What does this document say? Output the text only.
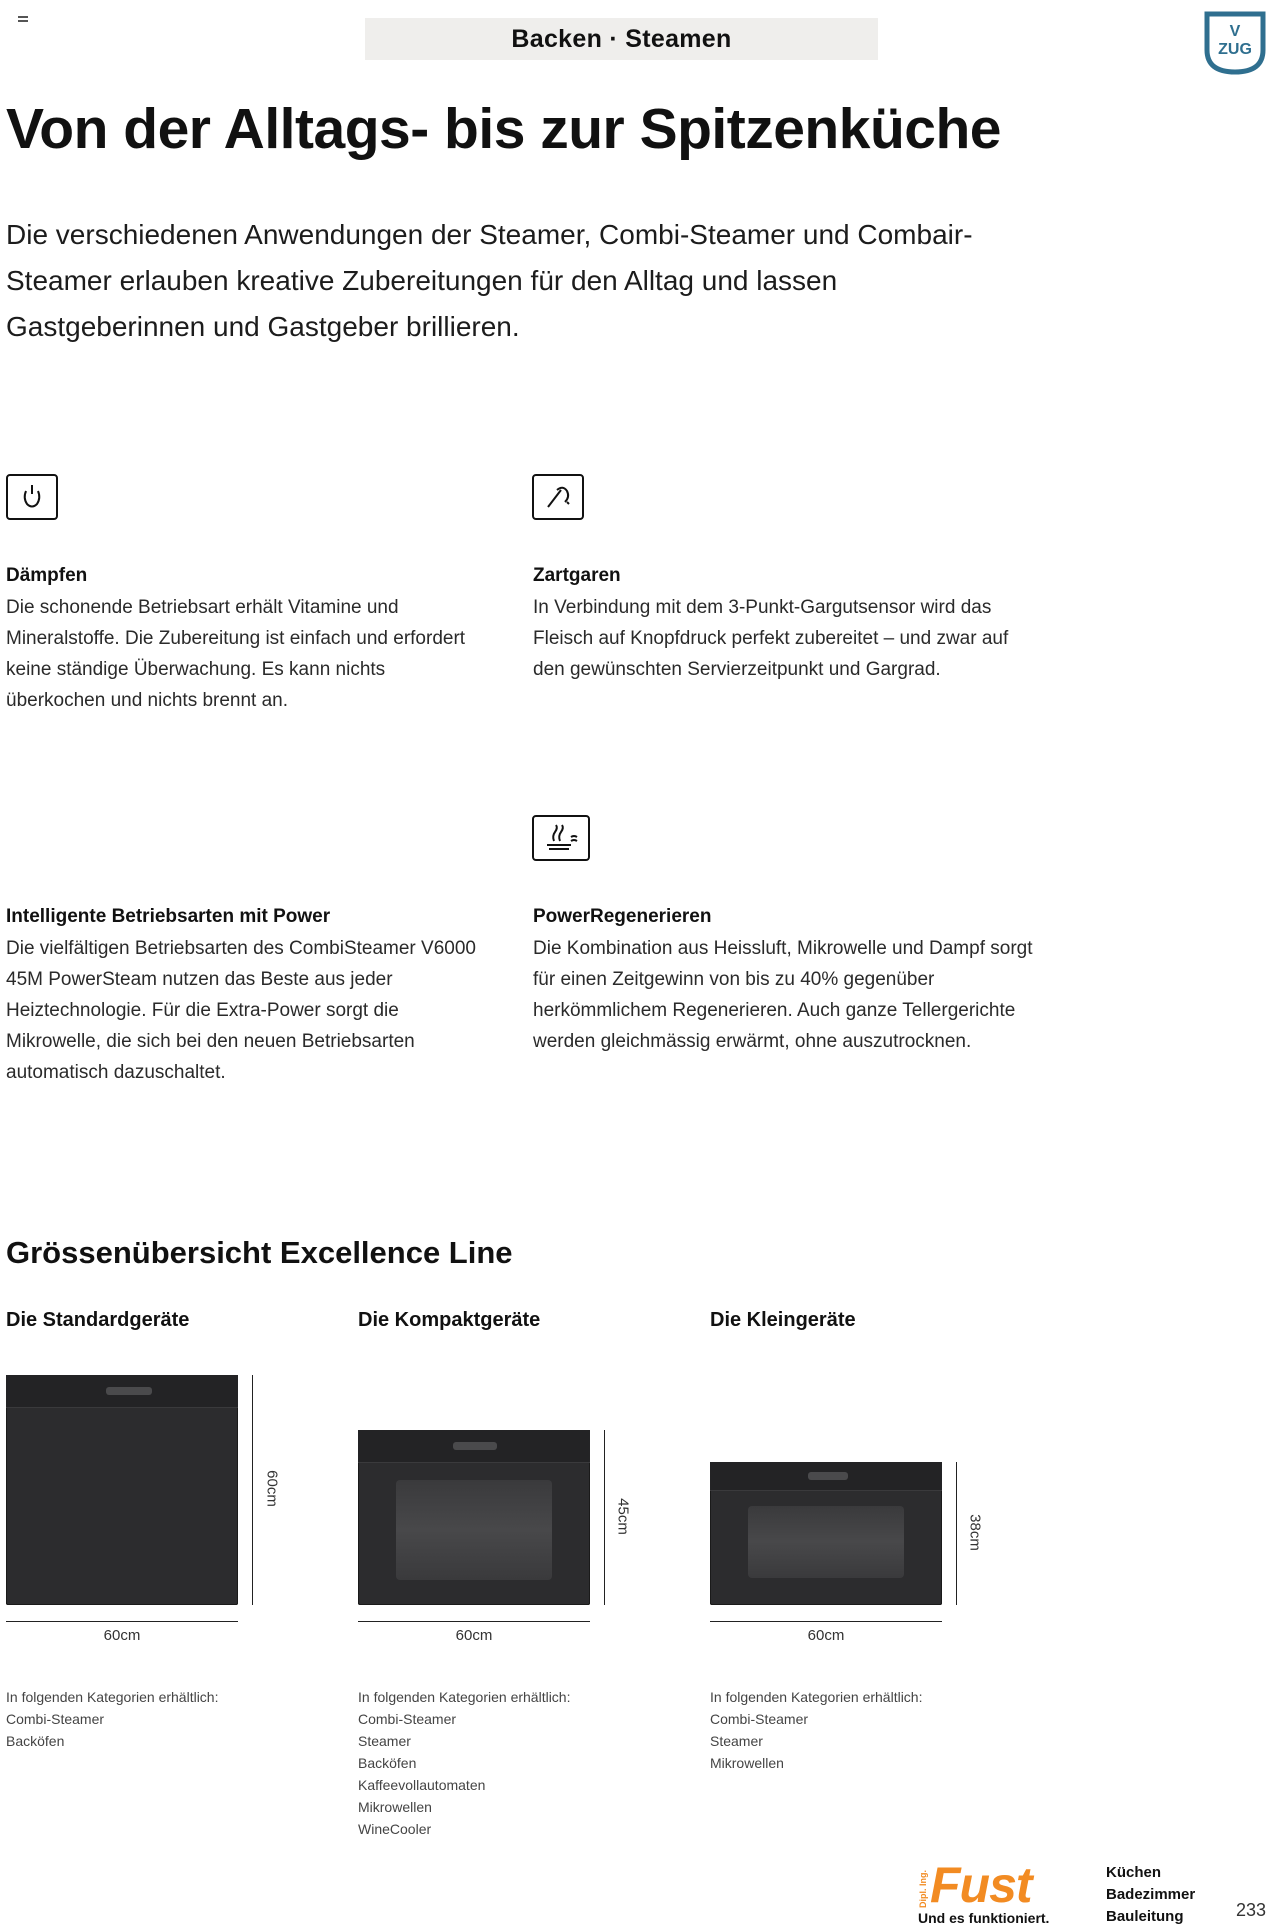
Backen · Steamen	V
ZUG
Von der Alltags- bis zur Spitzenküche

Die verschiedenen Anwendungen der Steamer, Combi-Steamer und Combair-Steamer erlauben kreative Zubereitungen für den Alltag und lassen Gastgeberinnen und Gastgeber brillieren.

Dämpfen

Die schonende Betriebsart erhält Vitamine und Mineralstoffe. Die Zubereitung ist einfach und erfordert keine ständige Überwachung. Es kann nichts überkochen und nichts brennt an.

Zartgaren

In Verbindung mit dem 3-Punkt-Gargutsensor wird das Fleisch auf Knopfdruck perfekt zubereitet – und zwar auf den gewünschten Servierzeitpunkt und Gargrad.

Intelligente Betriebsarten mit Power

Die vielfältigen Betriebsarten des CombiSteamer V6000 45M PowerSteam nutzen das Beste aus jeder Heiztechnologie. Für die Extra-Power sorgt die Mikrowelle, die sich bei den neuen Betriebsarten automatisch dazuschaltet.

PowerRegenerieren

Die Kombination aus Heissluft, Mikrowelle und Dampf sorgt für einen Zeitgewinn von bis zu 40% gegenüber herkömmlichem Regenerieren. Auch ganze Tellergerichte werden gleichmässig erwärmt, ohne auszutrocknen.

Grössenübersicht Excellence Line
Die Standardgeräte	Die Kompaktgeräte	Die Kleingeräte
60cm
60cm
45cm
60cm
38cm
60cm

In folgenden Kategorien erhältlich:

Combi-Steamer

Backöfen

In folgenden Kategorien erhältlich:

Combi-Steamer

Steamer

Backöfen

Kaffeevollautomaten

Mikrowellen

WineCooler

In folgenden Kategorien erhältlich:

Combi-Steamer

Steamer

Mikrowellen

Dipl. Ing. Fust
Und es funktioniert.
Küchen
Badezimmer
Bauleitung	233
